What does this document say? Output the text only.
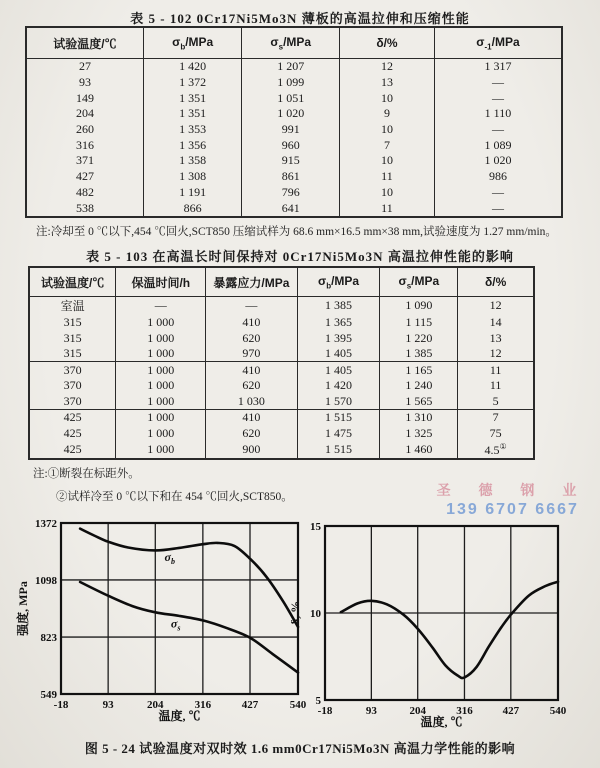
表 5 - 102 0Cr17Ni5Mo3N 薄板的高温拉伸和压缩性能
试验温度/℃	$\sigma_b$/MPa	$\sigma_s$/MPa	δ/%	$\sigma_{-1}$/MPa
27	1 420	1 207	12	1 317
93	1 372	1 099	13	—
149	1 351	1 051	10	—
204	1 351	1 020	9	1 110
260	1 353	991	10	—
316	1 356	960	7	1 089
371	1 358	915	10	1 020
427	1 308	861	11	986
482	1 191	796	10	—
538	866	641	11	—
注:冷却至 0 ℃以下,454 ℃回火,SCT850 压缩试样为 68.6 mm×16.5 mm×38 mm,试验速度为 1.27 mm/min。
表 5 - 103 在高温长时间保持对 0Cr17Ni5Mo3N 高温拉伸性能的影响
试验温度/℃	保温时间/h	暴露应力/MPa	$\sigma_b$/MPa	$\sigma_s$/MPa	δ/%
室温	—	—	1 385	1 090	12
315	1 000	410	1 365	1 115	14
315	1 000	620	1 395	1 220	13
315	1 000	970	1 405	1 385	12
370	1 000	410	1 405	1 165	11
370	1 000	620	1 420	1 240	11
370	1 000	1 030	1 570	1 565	5
425	1 000	410	1 515	1 310	7
425	1 000	620	1 475	1 325	75
425	1 000	900	1 515	1 460	4.5①
注:①断裂在标距外。
②试样冷至 0 ℃以下和在 454 ℃回火,SCT850。	圣 德 钢 业
139 6707 6667
549
823
1098
1372
-18	93	204	316	427	540
温度, ℃
强度, MPa
$\sigma_b$
$\sigma_s$
5
10
15
-18	93	204	316	427	540
温度, ℃
δ, %
图 5 - 24 试验温度对双时效 1.6 mm0Cr17Ni5Mo3N 高温力学性能的影响
